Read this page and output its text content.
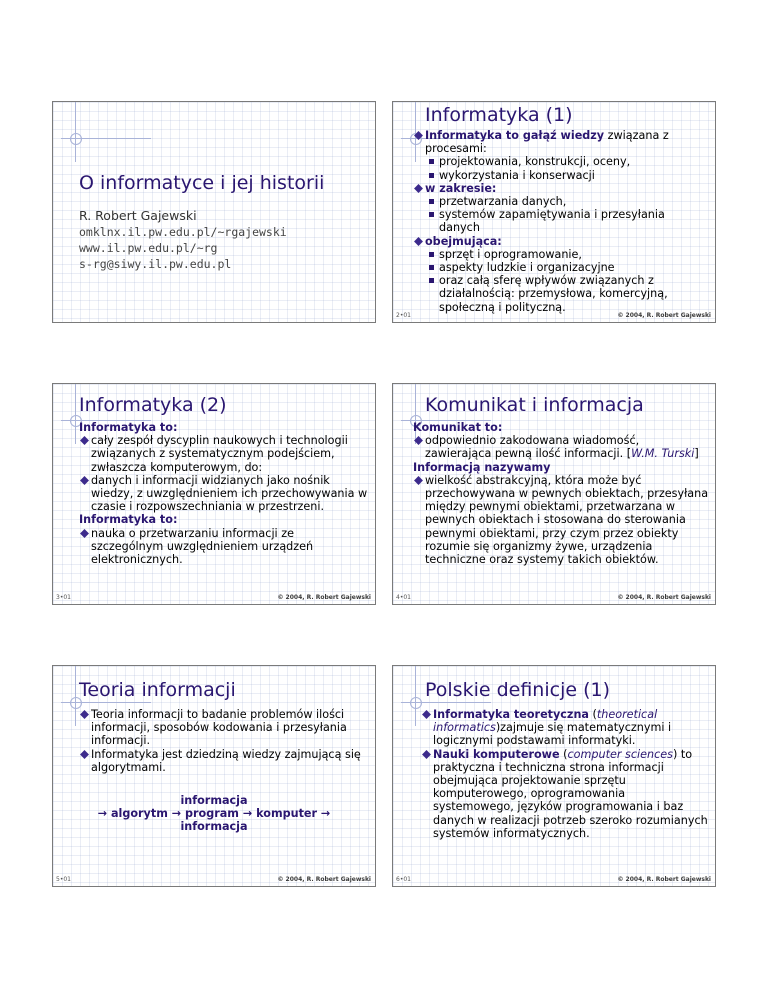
O informatyce i jej historii
R. Robert Gajewski
omklnx.il.pw.edu.pl/~rgajewski
www.il.pw.edu.pl/~rg
s-rg@siwy.il.pw.edu.pl
Informatyka (1)
Informatyka to gałąź wiedzy związana z procesami:
projektowania, konstrukcji, oceny,
wykorzystania i konserwacji
w zakresie:
przetwarzania danych,
systemów zapamiętywania i przesyłania danych
obejmująca:
sprzęt i oprogramowanie,
aspekty ludzkie i organizacyjne
oraz całą sferę wpływów związanych z działalnością: przemysłowa, komercyjną, społeczną i polityczną.
2•01	© 2004, R. Robert Gajewski
Informatyka (2)
Informatyka to:
cały zespół dyscyplin naukowych i technologii związanych z systematycznym podejściem, zwłaszcza komputerowym, do:
danych i informacji widzianych jako nośnik wiedzy, z uwzględnieniem ich przechowywania w czasie i rozpowszechniania w przestrzeni.
Informatyka to:
nauka o przetwarzaniu informacji ze szczególnym uwzględnieniem urządzeń elektronicznych.
3•01	© 2004, R. Robert Gajewski
Komunikat i informacja
Komunikat to:
odpowiednio zakodowana wiadomość, zawierająca pewną ilość informacji. [W.M. Turski]
Informacją nazywamy
wielkość abstrakcyjną, która może być przechowywana w pewnych obiektach, przesyłana między pewnymi obiektami, przetwarzana w pewnych obiektach i stosowana do sterowania pewnymi obiektami, przy czym przez obiekty rozumie się organizmy żywe, urządzenia techniczne oraz systemy takich obiektów.
4•01	© 2004, R. Robert Gajewski
Teoria informacji
Teoria informacji to badanie problemów ilości informacji, sposobów kodowania i przesyłania informacji.
Informatyka jest dziedziną wiedzy zajmującą się algorytmami.
informacja
→ algorytm → program → komputer →
informacja
5•01	© 2004, R. Robert Gajewski
Polskie definicje (1)
Informatyka teoretyczna (theoretical informatics)zajmuje się matematycznymi i logicznymi podstawami informatyki.
Nauki komputerowe (computer sciences) to praktyczna i techniczna strona informacji obejmująca projektowanie sprzętu komputerowego, oprogramowania systemowego, języków programowania i baz danych w realizacji potrzeb szeroko rozumianych systemów informatycznych.
6•01	© 2004, R. Robert Gajewski
